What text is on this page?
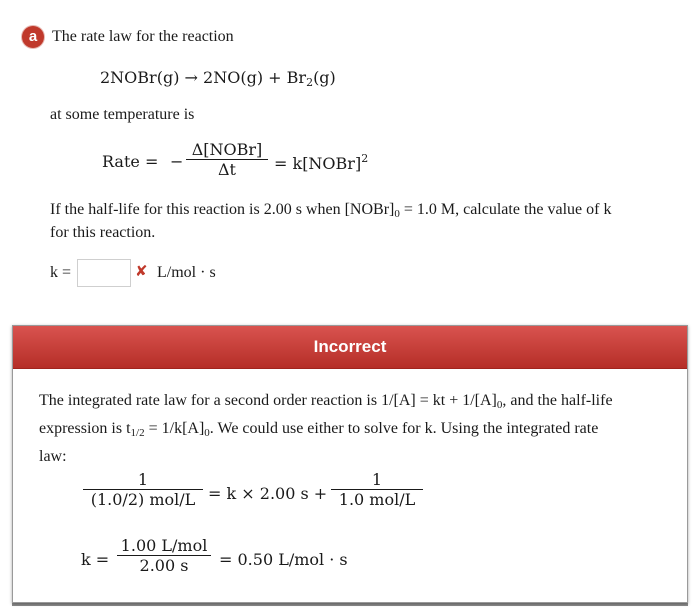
a The rate law for the reaction
2NOBr(g) → $2NO(g) + Br_2(g)$
at some temperature is
Rate = −
Δ[NOBr]
Δt	= k[NOBr]$^2$
If the half-life for this reaction is 2.00 s when $[NOBr]_0 = 1.0$ M, calculate the value of k
for this reaction.
k =	✘ L/mol · s
Incorrect
The integrated rate law for a second order reaction is 1/[A] = kt + $1/[A]_0$, and the half-life
expression is $t_{1/2} = 1/k[A]_0$. We could use either to solve for k. Using the integrated rate
law:
1
(1.0/2) mol/L = k × 2.00 s +
1
1.0 mol/L
k =
1.00 L/mol
2.00 s	= 0.50 L/mol · s
